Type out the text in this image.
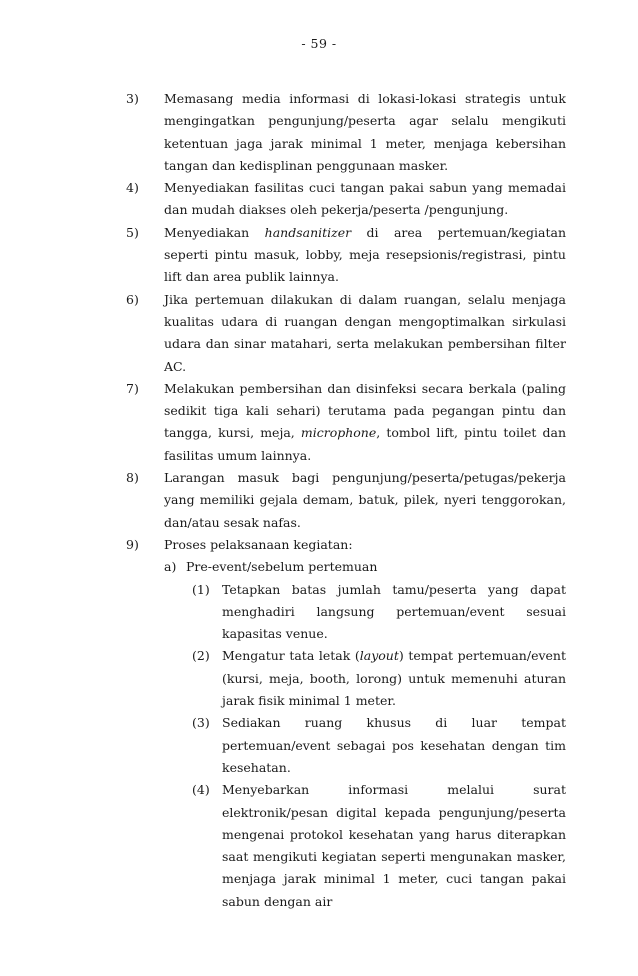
- 59 -
3) Memasang media informasi di lokasi-lokasi strategis untuk mengingatkan pengunjung/peserta agar selalu mengikuti ketentuan jaga jarak minimal 1 meter, menjaga kebersihan tangan dan kedisplinan penggunaan masker.
4) Menyediakan fasilitas cuci tangan pakai sabun yang memadai dan mudah diakses oleh pekerja/peserta /pengunjung.
5) Menyediakan handsanitizer di area pertemuan/kegiatan seperti pintu masuk, lobby, meja resepsionis/registrasi, pintu lift dan area publik lainnya.
6) Jika pertemuan dilakukan di dalam ruangan, selalu menjaga kualitas udara di ruangan dengan mengoptimalkan sirkulasi udara dan sinar matahari, serta melakukan pembersihan filter AC.
7) Melakukan pembersihan dan disinfeksi secara berkala (paling sedikit tiga kali sehari) terutama pada pegangan pintu dan tangga, kursi, meja, microphone, tombol lift, pintu toilet dan fasilitas umum lainnya.
8) Larangan masuk bagi pengunjung/peserta/petugas/pekerja yang memiliki gejala demam, batuk, pilek, nyeri tenggorokan, dan/atau sesak nafas.
9) Proses pelaksanaan kegiatan:
a) Pre-event/sebelum pertemuan
(1) Tetapkan batas jumlah tamu/peserta yang dapat menghadiri langsung pertemuan/event sesuai kapasitas venue.
(2) Mengatur tata letak (layout) tempat pertemuan/event (kursi, meja, booth, lorong) untuk memenuhi aturan jarak fisik minimal 1 meter.
(3) Sediakan ruang khusus di luar tempat pertemuan/event sebagai pos kesehatan dengan tim kesehatan.
(4) Menyebarkan informasi melalui surat elektronik/pesan digital kepada pengunjung/peserta mengenai protokol kesehatan yang harus diterapkan saat mengikuti kegiatan seperti mengunakan masker, menjaga jarak minimal 1 meter, cuci tangan pakai sabun dengan air
